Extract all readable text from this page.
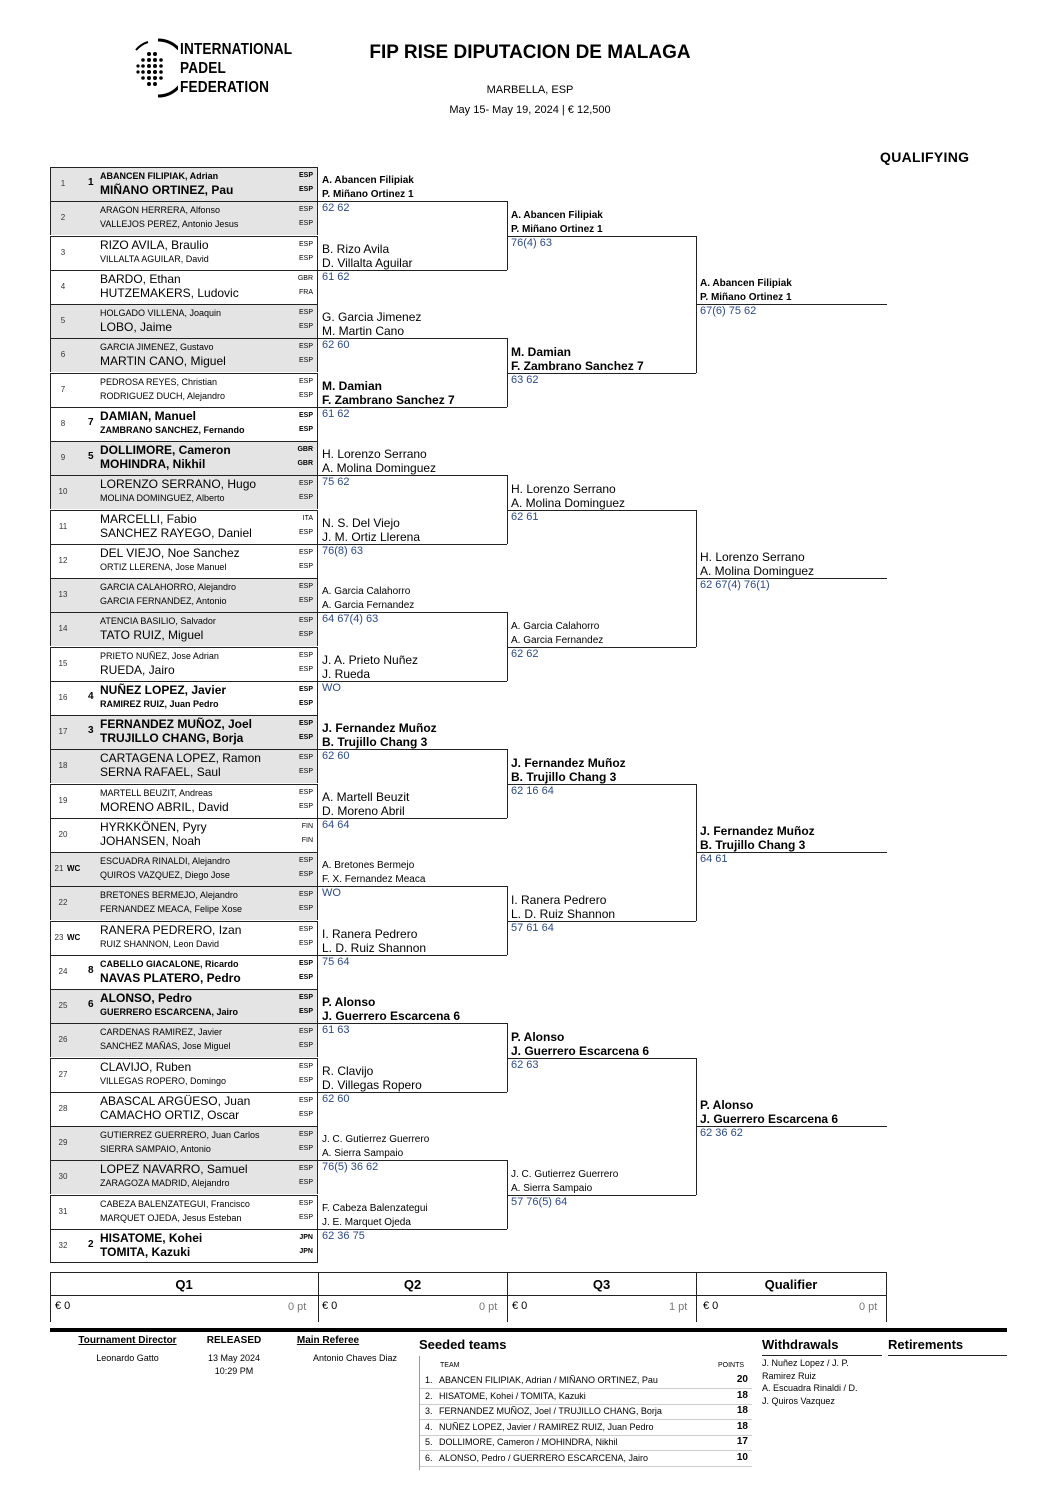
INTERNATIONAL
PADEL
FEDERATION
FIP RISE DIPUTACION DE MALAGA
MARBELLA, ESP
May 15- May 19, 2024 | € 12,500
QUALIFYING
1	1
ABANCEN FILIPIAK, Adrian
MIÑANO ORTINEZ, Pau
ESP
ESP
2
ARAGON HERRERA, Alfonso
VALLEJOS PEREZ, Antonio Jesus
ESP
ESP
3
RIZO AVILA, Braulio
VILLALTA AGUILAR, David
ESP
ESP
4
BARDO, Ethan
HUTZEMAKERS, Ludovic
GBR
FRA
5
HOLGADO VILLENA, Joaquin
LOBO, Jaime
ESP
ESP
6
GARCIA JIMENEZ, Gustavo
MARTIN CANO, Miguel
ESP
ESP
7
PEDROSA REYES, Christian
RODRIGUEZ DUCH, Alejandro
ESP
ESP
8	7 DAMIAN, Manuel
ZAMBRANO SANCHEZ, Fernando
ESP
ESP
9	5 DOLLIMORE, Cameron
MOHINDRA, Nikhil
GBR
GBR
10
LORENZO SERRANO, Hugo
MOLINA DOMINGUEZ, Alberto
ESP
ESP
11
MARCELLI, Fabio
SANCHEZ RAYEGO, Daniel
ITA
ESP
12
DEL VIEJO, Noe Sanchez
ORTIZ LLERENA, Jose Manuel
ESP
ESP
13
GARCIA CALAHORRO, Alejandro
GARCIA FERNANDEZ, Antonio
ESP
ESP
14
ATENCIA BASILIO, Salvador
TATO RUIZ, Miguel
ESP
ESP
15
PRIETO NUÑEZ, Jose Adrian
RUEDA, Jairo
ESP
ESP
16	4 NUÑEZ LOPEZ, Javier
RAMIREZ RUIZ, Juan Pedro
ESP
ESP
17	3 FERNANDEZ MUÑOZ, Joel
TRUJILLO CHANG, Borja
ESP
ESP
18
CARTAGENA LOPEZ, Ramon
SERNA RAFAEL, Saul
ESP
ESP
19
MARTELL BEUZIT, Andreas
MORENO ABRIL, David
ESP
ESP
20
HYRKKÖNEN, Pyry
JOHANSEN, Noah
FIN
FIN
21 WC
ESCUADRA RINALDI, Alejandro
QUIROS VAZQUEZ, Diego Jose
ESP
ESP
22
BRETONES BERMEJO, Alejandro
FERNANDEZ MEACA, Felipe Xose
ESP
ESP
23 WC
RANERA PEDRERO, Izan
RUIZ SHANNON, Leon David
ESP
ESP
24	8
CABELLO GIACALONE, Ricardo
NAVAS PLATERO, Pedro
ESP
ESP
25	6 ALONSO, Pedro
GUERRERO ESCARCENA, Jairo
ESP
ESP
26
CARDENAS RAMIREZ, Javier
SANCHEZ MAÑAS, Jose Miguel
ESP
ESP
27
CLAVIJO, Ruben
VILLEGAS ROPERO, Domingo
ESP
ESP
28
ABASCAL ARGÜESO, Juan
CAMACHO ORTIZ, Oscar
ESP
ESP
29
GUTIERREZ GUERRERO, Juan Carlos
SIERRA SAMPAIO, Antonio
ESP
ESP
30
LOPEZ NAVARRO, Samuel
ZARAGOZA MADRID, Alejandro
ESP
ESP
31
CABEZA BALENZATEGUI, Francisco
MARQUET OJEDA, Jesus Esteban
ESP
ESP
32	2 HISATOME, Kohei
TOMITA, Kazuki
JPN
JPN
A. Abancen Filipiak
P. Miñano Ortinez 1
62 62
B. Rizo Avila
D. Villalta Aguilar
61 62
G. Garcia Jimenez
M. Martin Cano
62 60
M. Damian
F. Zambrano Sanchez 7
61 62
H. Lorenzo Serrano
A. Molina Dominguez
75 62
N. S. Del Viejo
J. M. Ortiz Llerena
76(8) 63
A. Garcia Calahorro
A. Garcia Fernandez
64 67(4) 63
J. A. Prieto Nuñez
J. Rueda
WO
J. Fernandez Muñoz
B. Trujillo Chang 3
62 60
A. Martell Beuzit
D. Moreno Abril
64 64
A. Bretones Bermejo
F. X. Fernandez Meaca
WO
I. Ranera Pedrero
L. D. Ruiz Shannon
75 64
P. Alonso
J. Guerrero Escarcena 6
61 63
R. Clavijo
D. Villegas Ropero
62 60
J. C. Gutierrez Guerrero
A. Sierra Sampaio
76(5) 36 62
F. Cabeza Balenzategui
J. E. Marquet Ojeda
62 36 75
A. Abancen Filipiak
P. Miñano Ortinez 1
76(4) 63
M. Damian
F. Zambrano Sanchez 7
63 62
H. Lorenzo Serrano
A. Molina Dominguez
62 61
A. Garcia Calahorro
A. Garcia Fernandez
62 62
J. Fernandez Muñoz
B. Trujillo Chang 3
62 16 64
I. Ranera Pedrero
L. D. Ruiz Shannon
57 61 64
P. Alonso
J. Guerrero Escarcena 6
62 63
J. C. Gutierrez Guerrero
A. Sierra Sampaio
57 76(5) 64
A. Abancen Filipiak
P. Miñano Ortinez 1
67(6) 75 62
H. Lorenzo Serrano
A. Molina Dominguez
62 67(4) 76(1)
J. Fernandez Muñoz
B. Trujillo Chang 3
64 61
P. Alonso
J. Guerrero Escarcena 6
62 36 62
Q1	Q2	Q3	Qualifier
€ 0	0 pt € 0	0 pt € 0	1 pt € 0	0 pt
Tournament Director
Leonardo Gatto
RELEASED
13 May 2024
10:29 PM
Main Referee
Antonio Chaves Diaz
Seeded teams
TEAM	POINTS
1. ABANCEN FILIPIAK, Adrian / MIÑANO ORTINEZ, Pau	20
2. HISATOME, Kohei / TOMITA, Kazuki	18
3. FERNANDEZ MUÑOZ, Joel / TRUJILLO CHANG, Borja	18
4. NUÑEZ LOPEZ, Javier / RAMIREZ RUIZ, Juan Pedro	18
5. DOLLIMORE, Cameron / MOHINDRA, Nikhil	17
6. ALONSO, Pedro / GUERRERO ESCARCENA, Jairo	10
Withdrawals
J. Nuñez Lopez / J. P.
Ramirez Ruiz
A. Escuadra Rinaldi / D.
J. Quiros Vazquez
Retirements
